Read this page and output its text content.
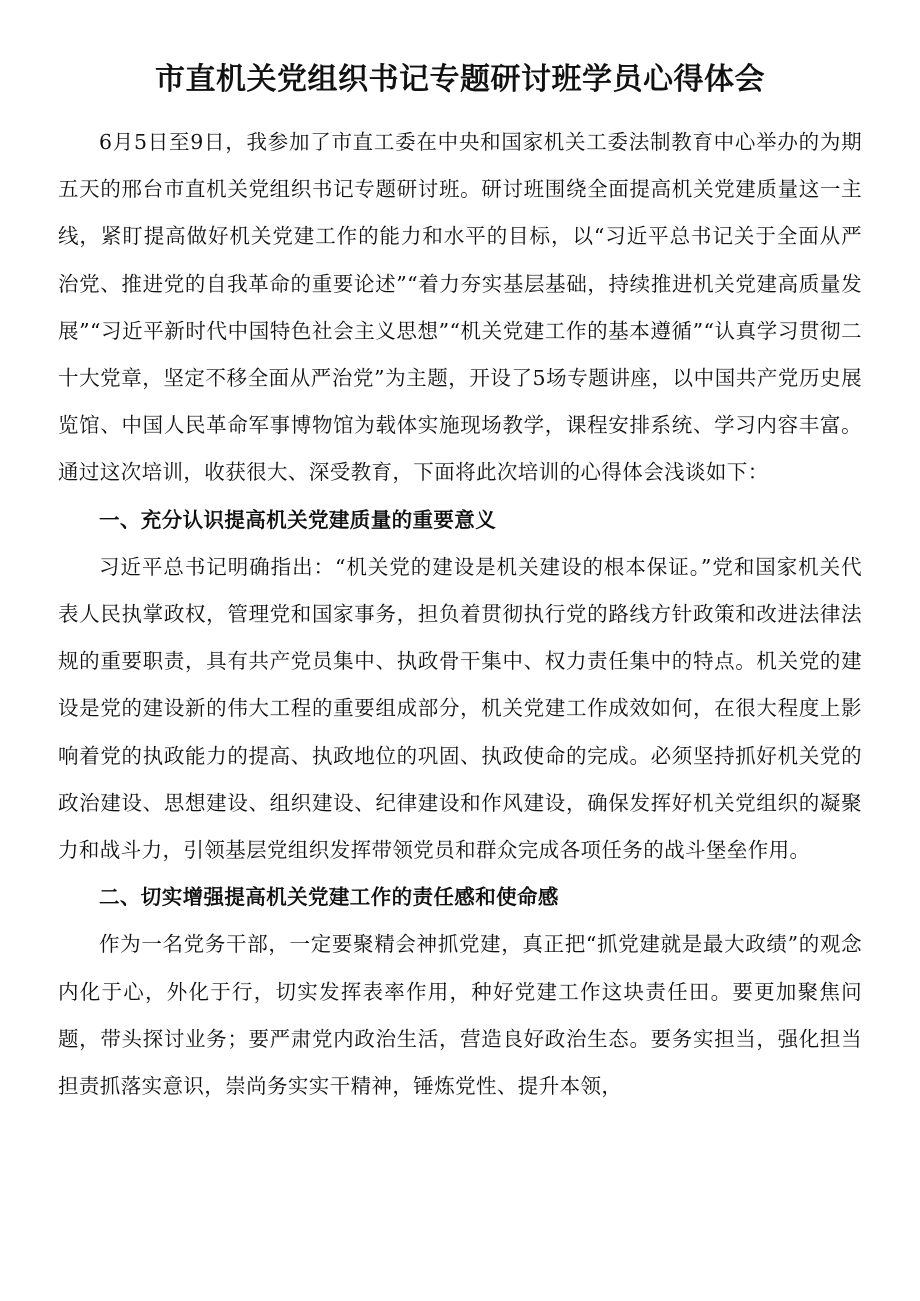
市直机关党组织书记专题研讨班学员心得体会

6月5日至9日，我参加了市直工委在中央和国家机关工委法制教育中心举办的为期五天的邢台市直机关党组织书记专题研讨班。研讨班围绕全面提高机关党建质量这一主线，紧盯提高做好机关党建工作的能力和水平的目标，以“习近平总书记关于全面从严治党、推进党的自我革命的重要论述”“着力夯实基层基础，持续推进机关党建高质量发展”“习近平新时代中国特色社会主义思想”“机关党建工作的基本遵循”“认真学习贯彻二十大党章，坚定不移全面从严治党”为主题，开设了5场专题讲座，以中国共产党历史展览馆、中国人民革命军事博物馆为载体实施现场教学，课程安排系统、学习内容丰富。通过这次培训，收获很大、深受教育，下面将此次培训的心得体会浅谈如下：

一、充分认识提高机关党建质量的重要意义

习近平总书记明确指出：“机关党的建设是机关建设的根本保证。”党和国家机关代表人民执掌政权，管理党和国家事务，担负着贯彻执行党的路线方针政策和改进法律法规的重要职责，具有共产党员集中、执政骨干集中、权力责任集中的特点。机关党的建设是党的建设新的伟大工程的重要组成部分，机关党建工作成效如何，在很大程度上影响着党的执政能力的提高、执政地位的巩固、执政使命的完成。必须坚持抓好机关党的政治建设、思想建设、组织建设、纪律建设和作风建设，确保发挥好机关党组织的凝聚力和战斗力，引领基层党组织发挥带领党员和群众完成各项任务的战斗堡垒作用。

二、切实增强提高机关党建工作的责任感和使命感

作为一名党务干部，一定要聚精会神抓党建，真正把“抓党建就是最大政绩”的观念内化于心，外化于行，切实发挥表率作用，种好党建工作这块责任田。要更加聚焦问题，带头探讨业务；要严肃党内政治生活，营造良好政治生态。要务实担当，强化担当担责抓落实意识，崇尚务实实干精神，锤炼党性、提升本领，
